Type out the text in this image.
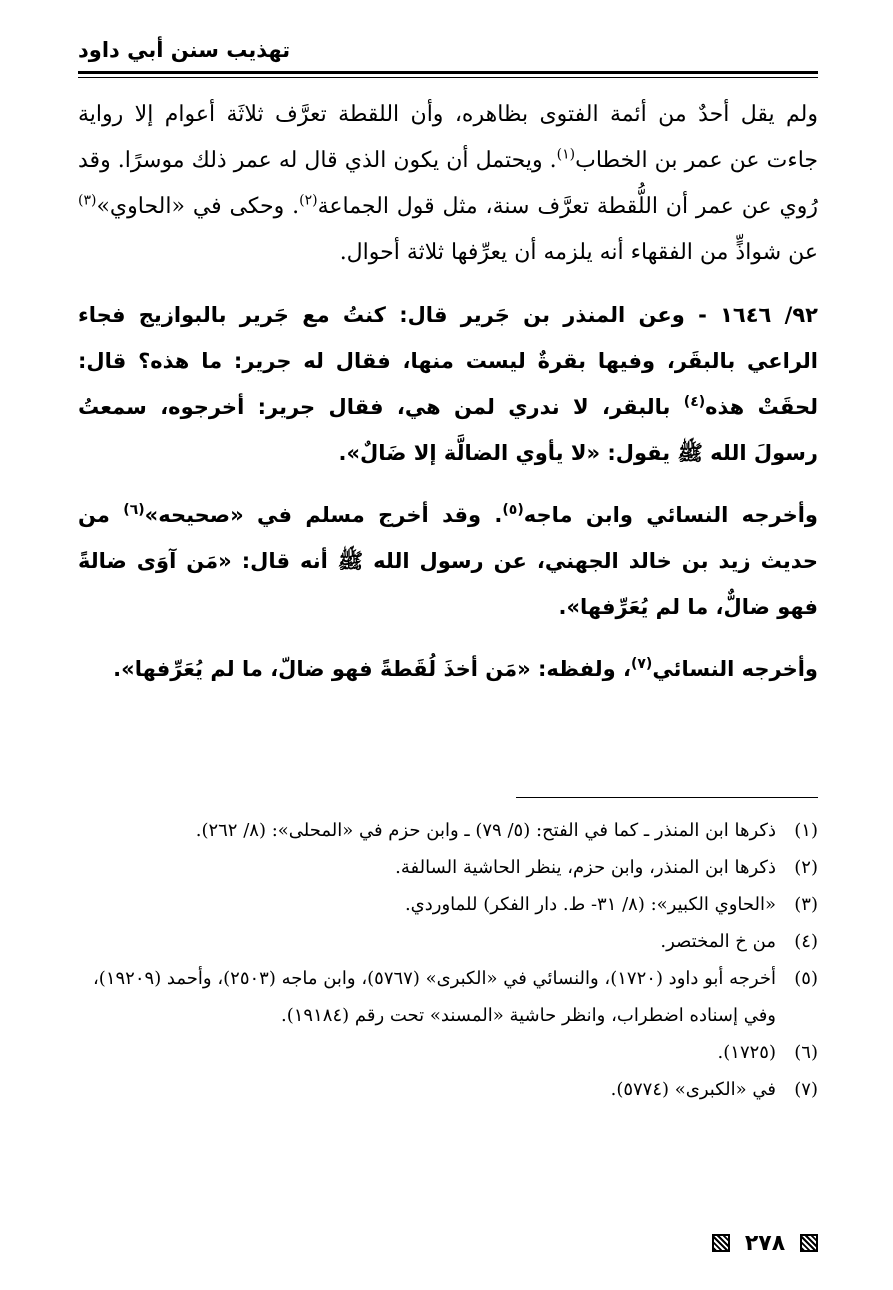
تهذيب سنن أبي داود

ولم يقل أحدٌ من أئمة الفتوى بظاهره، وأن اللقطة تعرَّف ثلاثَة أعوام إلا رواية جاءت عن عمر بن الخطاب$^{(١)}$. ويحتمل أن يكون الذي قال له عمر ذلك موسرًا. وقد رُوي عن عمر أن اللُّقطة تعرَّف سنة، مثل قول الجماعة$^{(٢)}$. وحكى في «الحاوي»$^{(٣)}$ عن شواذٍّ من الفقهاء أنه يلزمه أن يعرِّفها ثلاثة أحوال.

٩٢/ ١٦٤٦ - وعن المنذر بن جَرير قال: كنتُ مع جَرير بالبوازيج فجاء الراعي بالبقَر، وفيها بقرةٌ ليست منها، فقال له جرير: ما هذه؟ قال: لحقَتْ هذه$^{(٤)}$ بالبقر، لا ندري لمن هي، فقال جرير: أخرجوه، سمعتُ رسولَ الله ﷺ يقول: «لا يأوي الضالَّة إلا ضَالٌ».

وأخرجه النسائي وابن ماجه$^{(٥)}$. وقد أخرج مسلم في «صحيحه»$^{(٦)}$ من حديث زيد بن خالد الجهني، عن رسول الله ﷺ أنه قال: «مَن آوَى ضالةً فهو ضالٌّ، ما لم يُعَرِّفها».

وأخرجه النسائي$^{(٧)}$، ولفظه: «مَن أخذَ لُقَطةً فهو ضالّ، ما لم يُعَرِّفها».

(١)
ذكرها ابن المنذر ـ كما في الفتح: (٥/ ٧٩) ـ وابن حزم في «المحلى»: (٨/ ٢٦٢).
(٢)
ذكرها ابن المنذر، وابن حزم، ينظر الحاشية السالفة.
(٣)
«الحاوي الكبير»: (٨/ ٣١- ط. دار الفكر) للماوردي.
(٤)
من خ المختصر.
(٥)
أخرجه أبو داود (١٧٢٠)، والنسائي في «الكبرى» (٥٧٦٧)، وابن ماجه (٢٥٠٣)، وأحمد (١٩٢٠٩)، وفي إسناده اضطراب، وانظر حاشية «المسند» تحت رقم (١٩١٨٤).
(٦)
(١٧٢٥).
(٧)
في «الكبرى» (٥٧٧٤).
٢٧٨
